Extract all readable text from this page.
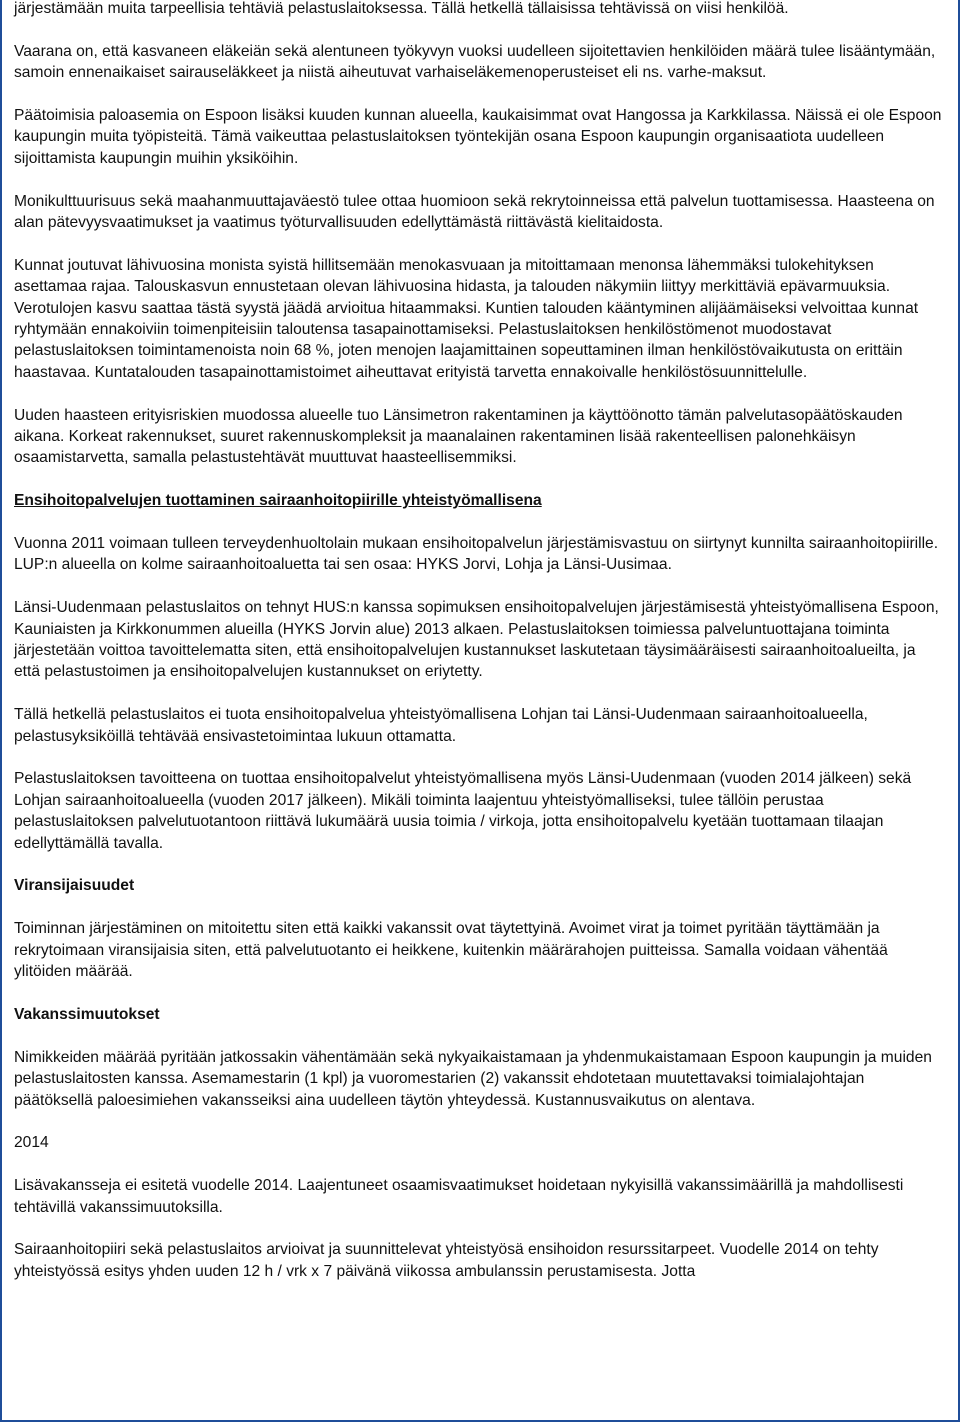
järjestämään muita tarpeellisia tehtäviä pelastuslaitoksessa. Tällä hetkellä tällaisissa tehtävissä on viisi henkilöä.

Vaarana on, että kasvaneen eläkeiän sekä alentuneen työkyvyn vuoksi uudelleen sijoitettavien henkilöiden määrä tulee lisääntymään, samoin ennenaikaiset sairauseläkkeet ja niistä aiheutuvat varhaiseläkemenoperusteiset eli ns. varhe-maksut.

Päätoimisia paloasemia on Espoon lisäksi kuuden kunnan alueella, kaukaisimmat ovat Hangossa ja Karkkilassa. Näissä ei ole Espoon kaupungin muita työpisteitä. Tämä vaikeuttaa pelastuslaitoksen työntekijän osana Espoon kaupungin organisaatiota uudelleen sijoittamista kaupungin muihin yksiköihin.

Monikulttuurisuus sekä maahanmuuttajaväestö tulee ottaa huomioon sekä rekrytoinneissa että palvelun tuottamisessa. Haasteena on alan pätevyysvaatimukset ja vaatimus työturvallisuuden edellyttämästä riittävästä kielitaidosta.

Kunnat joutuvat lähivuosina monista syistä hillitsemään menokasvuaan ja mitoittamaan menonsa lähemmäksi tulokehityksen asettamaa rajaa. Talouskasvun ennustetaan olevan lähivuosina hidasta, ja talouden näkymiin liittyy merkittäviä epävarmuuksia. Verotulojen kasvu saattaa tästä syystä jäädä arvioitua hitaammaksi. Kuntien talouden kääntyminen alijäämäiseksi velvoittaa kunnat ryhtymään ennakoiviin toimenpiteisiin taloutensa tasapainottamiseksi. Pelastuslaitoksen henkilöstömenot muodostavat pelastuslaitoksen toimintamenoista noin 68 %, joten menojen laajamittainen sopeuttaminen ilman henkilöstövaikutusta on erittäin haastavaa. Kuntatalouden tasapainottamistoimet aiheuttavat erityistä tarvetta ennakoivalle henkilöstösuunnittelulle.

Uuden haasteen erityisriskien muodossa alueelle tuo Länsimetron rakentaminen ja käyttöönotto tämän palvelutasopäätöskauden aikana. Korkeat rakennukset, suuret rakennuskompleksit ja maanalainen rakentaminen lisää rakenteellisen palonehkäisyn osaamistarvetta, samalla pelastustehtävät muuttuvat haasteellisemmiksi.

Ensihoitopalvelujen tuottaminen sairaanhoitopiirille yhteistyömallisena

Vuonna 2011 voimaan tulleen terveydenhuoltolain mukaan ensihoitopalvelun järjestämisvastuu on siirtynyt kunnilta sairaanhoitopiirille. LUP:n alueella on kolme sairaanhoitoaluetta tai sen osaa: HYKS Jorvi, Lohja ja Länsi-Uusimaa.

Länsi-Uudenmaan pelastuslaitos on tehnyt HUS:n kanssa sopimuksen ensihoitopalvelujen järjestämisestä yhteistyömallisena Espoon, Kauniaisten ja Kirkkonummen alueilla (HYKS Jorvin alue) 2013 alkaen. Pelastuslaitoksen toimiessa palveluntuottajana toiminta järjestetään voittoa tavoittelematta siten, että ensihoitopalvelujen kustannukset laskutetaan täysimääräisesti sairaanhoitoalueilta, ja että pelastustoimen ja ensihoitopalvelujen kustannukset on eriytetty.

Tällä hetkellä pelastuslaitos ei tuota ensihoitopalvelua yhteistyömallisena Lohjan tai Länsi-Uudenmaan sairaanhoitoalueella, pelastusyksiköillä tehtävää ensivastetoimintaa lukuun ottamatta.

Pelastuslaitoksen tavoitteena on tuottaa ensihoitopalvelut yhteistyömallisena myös Länsi-Uudenmaan (vuoden 2014 jälkeen) sekä Lohjan sairaanhoitoalueella (vuoden 2017 jälkeen). Mikäli toiminta laajentuu yhteistyömalliseksi, tulee tällöin perustaa pelastuslaitoksen palvelutuotantoon riittävä lukumäärä uusia toimia / virkoja, jotta ensihoitopalvelu kyetään tuottamaan tilaajan edellyttämällä tavalla.

Viransijaisuudet

Toiminnan järjestäminen on mitoitettu siten että kaikki vakanssit ovat täytettyinä. Avoimet virat ja toimet pyritään täyttämään ja rekrytoimaan viransijaisia siten, että palvelutuotanto ei heikkene, kuitenkin määrärahojen puitteissa. Samalla voidaan vähentää ylitöiden määrää.

Vakanssimuutokset

Nimikkeiden määrää pyritään jatkossakin vähentämään sekä nykyaikaistamaan ja yhdenmukaistamaan Espoon kaupungin ja muiden pelastuslaitosten kanssa. Asemamestarin (1 kpl) ja vuoromestarien (2) vakanssit ehdotetaan muutettavaksi toimialajohtajan päätöksellä paloesimiehen vakansseiksi aina uudelleen täytön yhteydessä. Kustannusvaikutus on alentava.

2014

Lisävakansseja ei esitetä vuodelle 2014. Laajentuneet osaamisvaatimukset hoidetaan nykyisillä vakanssimäärillä ja mahdollisesti tehtävillä vakanssimuutoksilla.

Sairaanhoitopiiri sekä pelastuslaitos arvioivat ja suunnittelevat yhteistyösä ensihoidon resurssitarpeet. Vuodelle 2014 on tehty yhteistyössä esitys yhden uuden 12 h / vrk x 7 päivänä viikossa ambulanssin perustamisesta. Jotta
